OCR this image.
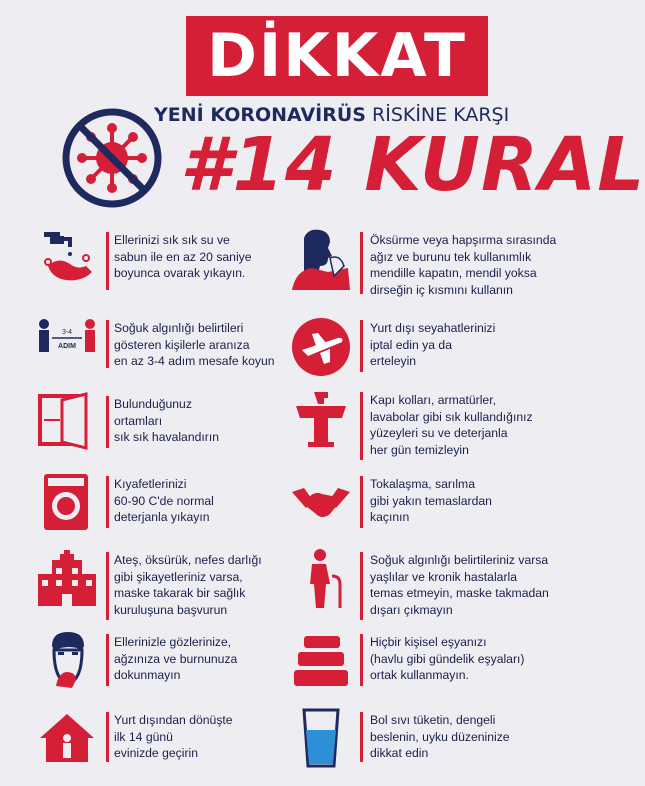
DİKKAT
YENİ KORONAVİRÜS RİSKİNE KARŞI
#14 KURAL
Ellerinizi sık sık su ve
sabun ile en az 20 saniye
boyunca ovarak yıkayın.
3-4
ADIM
Soğuk algınlığı belirtileri
gösteren kişilerle aranıza
en az 3-4 adım mesafe koyun
Bulunduğunuz
ortamları
sık sık havalandırın
Kıyafetlerinizi
60-90 C'de normal
deterjanla yıkayın
Ateş, öksürük, nefes darlığı
gibi şikayetleriniz varsa,
maske takarak bir sağlık
kuruluşuna başvurun
Ellerinizle gözlerinize,
ağzınıza ve burnunuza
dokunmayın
Yurt dışından dönüşte
ilk 14 günü
evinizde geçirin
Öksürme veya hapşırma sırasında
ağız ve burunu tek kullanımlık
mendille kapatın, mendil yoksa
dirseğin iç kısmını kullanın
Yurt dışı seyahatlerinizi
iptal edin ya da
erteleyin
Kapı kolları, armatürler,
lavabolar gibi sık kullandığınız
yüzeyleri su ve deterjanla
her gün temizleyin
Tokalaşma, sarılma
gibi yakın temaslardan
kaçının
Soğuk algınlığı belirtileriniz varsa
yaşlılar ve kronik hastalarla
temas etmeyin, maske takmadan
dışarı çıkmayın
Hiçbir kişisel eşyanızı
(havlu gibi gündelik eşyaları)
ortak kullanmayın.
Bol sıvı tüketin, dengeli
beslenin, uyku düzeninize
dikkat edin
